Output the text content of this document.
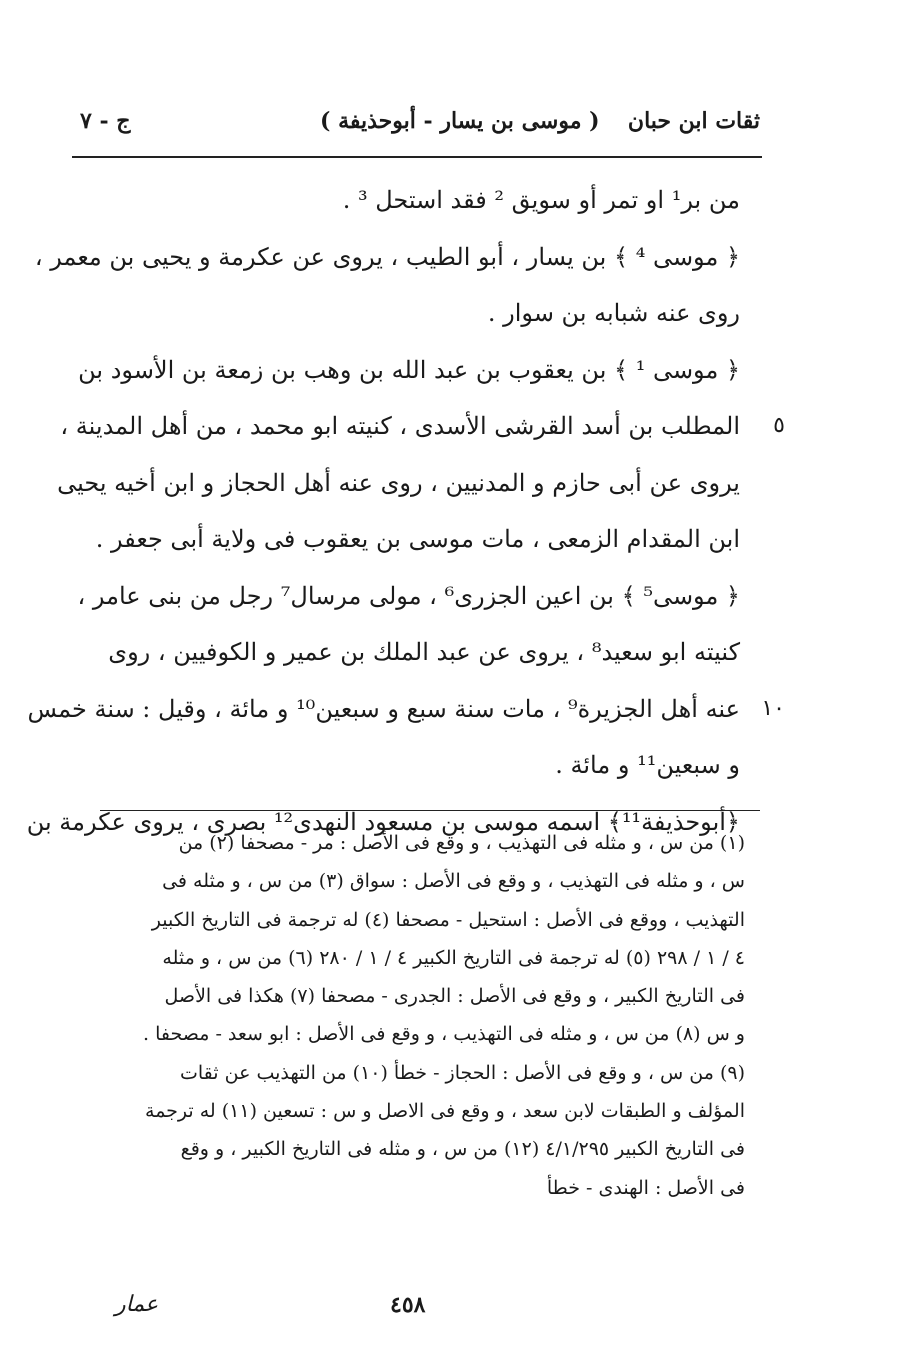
ثقات ابن حبان
( موسى بن يسار - أبوحذيفة )
ج - ٧
من بر¹ او تمر أو سويق ² فقد استحل ³ .
﴿ موسى ⁴ ﴾ بن يسار ، أبو الطيب ، يروى عن عكرمة و يحيى بن معمر ،
روى عنه شبابه بن سوار .
﴿ موسى ¹ ﴾ بن يعقوب بن عبد الله بن وهب بن زمعة بن الأسود بن
المطلب بن أسد القرشى الأسدى ، كنيته ابو محمد ، من أهل المدينة ، ٥
يروى عن أبى حازم و المدنيين ، روى عنه أهل الحجاز و ابن أخيه يحيى
ابن المقدام الزمعى ، مات موسى بن يعقوب فى ولاية أبى جعفر .
﴿ موسى⁵ ﴾ بن اعين الجزرى⁶ ، مولى مرسال⁷ رجل من بنى عامر ،
كنيته ابو سعيد⁸ ، يروى عن عبد الملك بن عمير و الكوفيين ، روى
عنه أهل الجزيرة⁹ ، مات سنة سبع و سبعين¹⁰ و مائة ، وقيل : سنة خمس ١٠
و سبعين¹¹ و مائة .
﴿أبوحذيفة¹¹﴾ اسمه موسى بن مسعود النهدى¹² بصرى ، يروى عكرمة بن
(١) من س ، و مثله فى التهذيب ، و وقع فى الأصل : مر - مصحفا (٢) من
س ، و مثله فى التهذيب ، و وقع فى الأصل : سواق (٣) من س ، و مثله فى
التهذيب ، ووقع فى الأصل : استحيل - مصحفا (٤) له ترجمة فى التاريخ الكبير
٤ / ١ / ٢٩٨ (٥) له ترجمة فى التاريخ الكبير ٤ / ١ / ٢٨٠ (٦) من س ، و مثله
فى التاريخ الكبير ، و وقع فى الأصل : الجدرى - مصحفا (٧) هكذا فى الأصل
و س (٨) من س ، و مثله فى التهذيب ، و وقع فى الأصل : ابو سعد - مصحفا .
(٩) من س ، و وقع فى الأصل : الحجاز - خطأ (١٠) من التهذيب عن ثقات
المؤلف و الطبقات لابن سعد ، و وقع فى الاصل و س : تسعين (١١) له ترجمة
فى التاريخ الكبير ٤/١/٢٩٥ (١٢) من س ، و مثله فى التاريخ الكبير ، و وقع
فى الأصل : الهندى - خطأ
٤٥٨
عمار
